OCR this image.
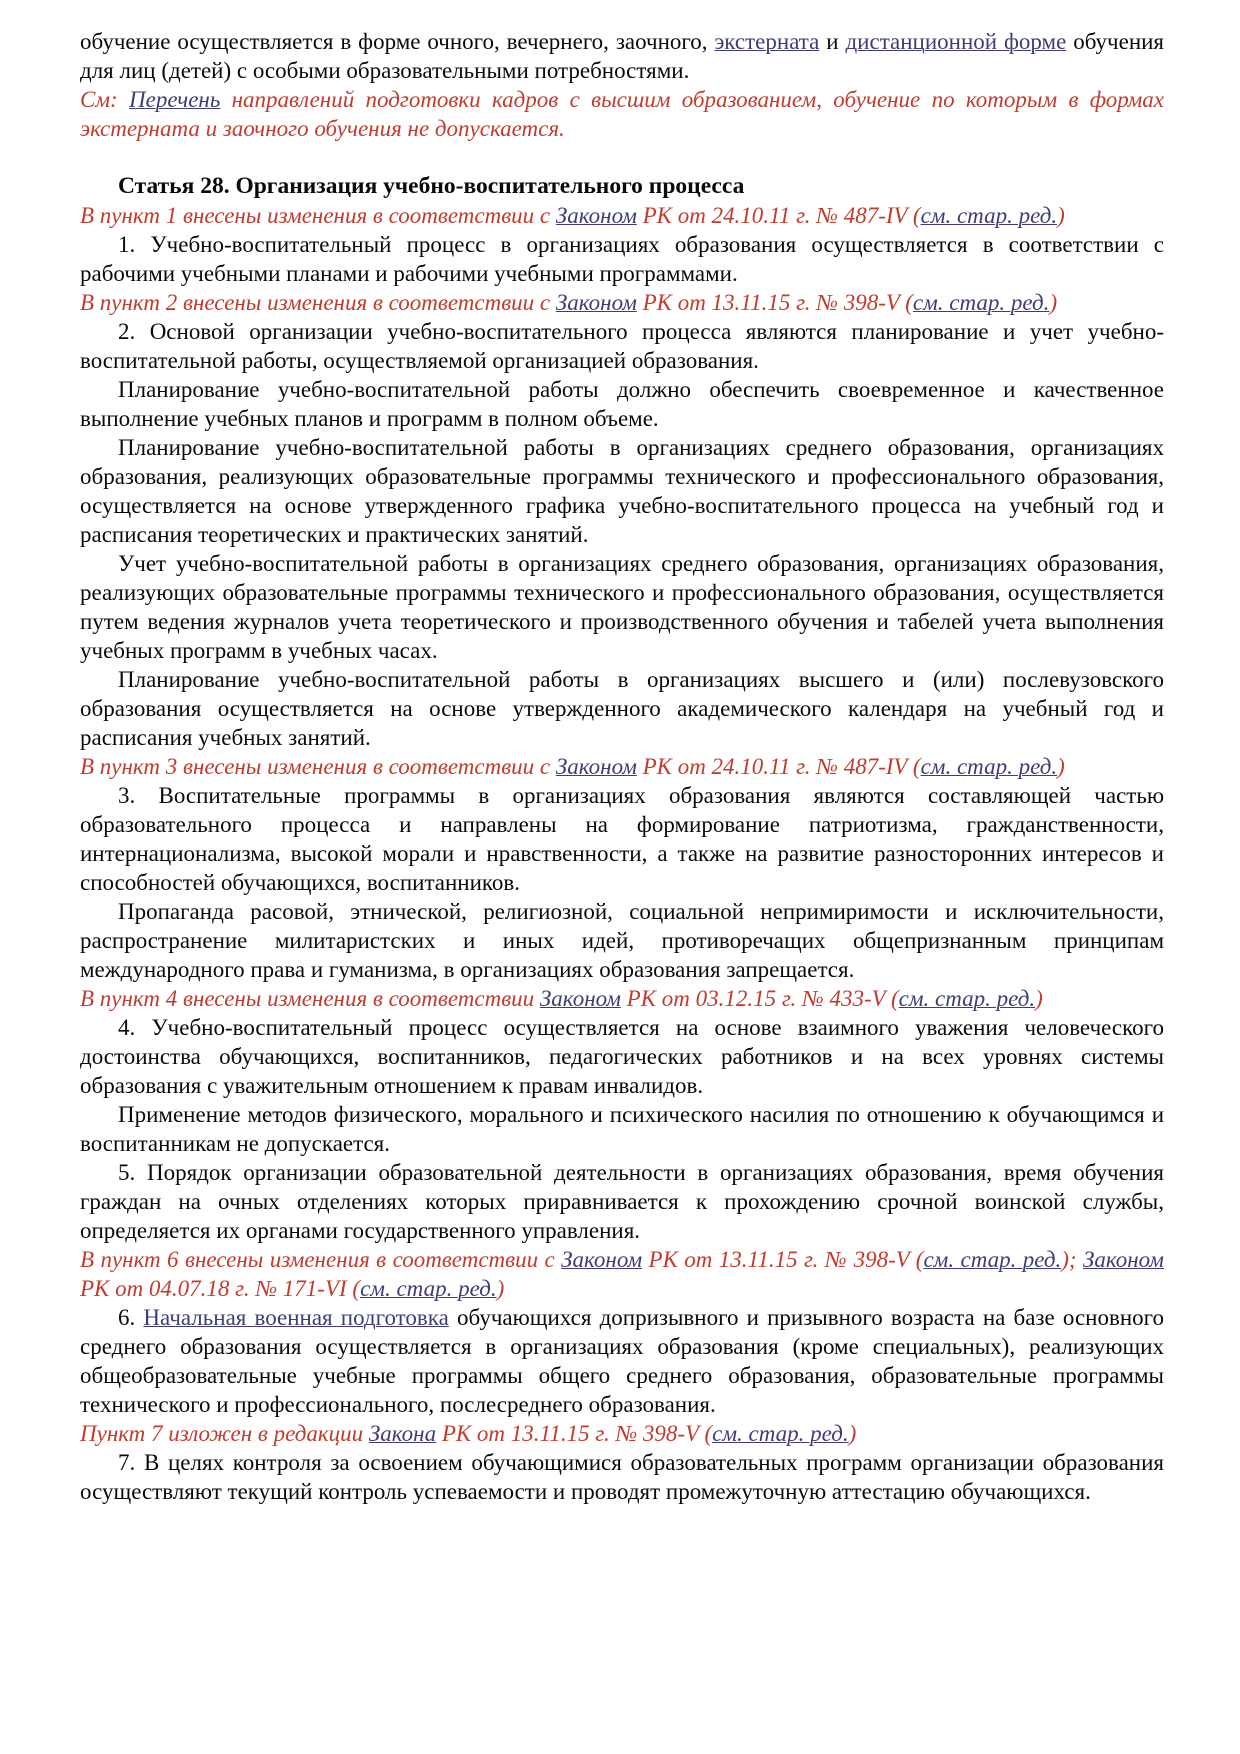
обучение осуществляется в форме очного, вечернего, заочного, экстерната и дистанционной форме обучения для лиц (детей) с особыми образовательными потребностями.

См: Перечень направлений подготовки кадров с высшим образованием, обучение по которым в формах экстерната и заочного обучения не допускается.

Статья 28. Организация учебно-воспитательного процесса

В пункт 1 внесены изменения в соответствии с Законом РК от 24.10.11 г. № 487-IV (см. стар. ред.)

1. Учебно-воспитательный процесс в организациях образования осуществляется в соответствии с рабочими учебными планами и рабочими учебными программами.

В пункт 2 внесены изменения в соответствии с Законом РК от 13.11.15 г. № 398-V (см. стар. ред.)

2. Основой организации учебно-воспитательного процесса являются планирование и учет учебно-воспитательной работы, осуществляемой организацией образования.

Планирование учебно-воспитательной работы должно обеспечить своевременное и качественное выполнение учебных планов и программ в полном объеме.

Планирование учебно-воспитательной работы в организациях среднего образования, организациях образования, реализующих образовательные программы технического и профессионального образования, осуществляется на основе утвержденного графика учебно-воспитательного процесса на учебный год и расписания теоретических и практических занятий.

Учет учебно-воспитательной работы в организациях среднего образования, организациях образования, реализующих образовательные программы технического и профессионального образования, осуществляется путем ведения журналов учета теоретического и производственного обучения и табелей учета выполнения учебных программ в учебных часах.

Планирование учебно-воспитательной работы в организациях высшего и (или) послевузовского образования осуществляется на основе утвержденного академического календаря на учебный год и расписания учебных занятий.

В пункт 3 внесены изменения в соответствии с Законом РК от 24.10.11 г. № 487-IV (см. стар. ред.)

3. Воспитательные программы в организациях образования являются составляющей частью образовательного процесса и направлены на формирование патриотизма, гражданственности, интернационализма, высокой морали и нравственности, а также на развитие разносторонних интересов и способностей обучающихся, воспитанников.

Пропаганда расовой, этнической, религиозной, социальной непримиримости и исключительности, распространение милитаристских и иных идей, противоречащих общепризнанным принципам международного права и гуманизма, в организациях образования запрещается.

В пункт 4 внесены изменения в соответствии Законом РК от 03.12.15 г. № 433-V (см. стар. ред.)

4. Учебно-воспитательный процесс осуществляется на основе взаимного уважения человеческого достоинства обучающихся, воспитанников, педагогических работников и на всех уровнях системы образования с уважительным отношением к правам инвалидов.

Применение методов физического, морального и психического насилия по отношению к обучающимся и воспитанникам не допускается.

5. Порядок организации образовательной деятельности в организациях образования, время обучения граждан на очных отделениях которых приравнивается к прохождению срочной воинской службы, определяется их органами государственного управления.

В пункт 6 внесены изменения в соответствии с Законом РК от 13.11.15 г. № 398-V (см. стар. ред.); Законом РК от 04.07.18 г. № 171-VI (см. стар. ред.)

6. Начальная военная подготовка обучающихся допризывного и призывного возраста на базе основного среднего образования осуществляется в организациях образования (кроме специальных), реализующих общеобразовательные учебные программы общего среднего образования, образовательные программы технического и профессионального, послесреднего образования.

Пункт 7 изложен в редакции Закона РК от 13.11.15 г. № 398-V (см. стар. ред.)

7. В целях контроля за освоением обучающимися образовательных программ организации образования осуществляют текущий контроль успеваемости и проводят промежуточную аттестацию обучающихся.
